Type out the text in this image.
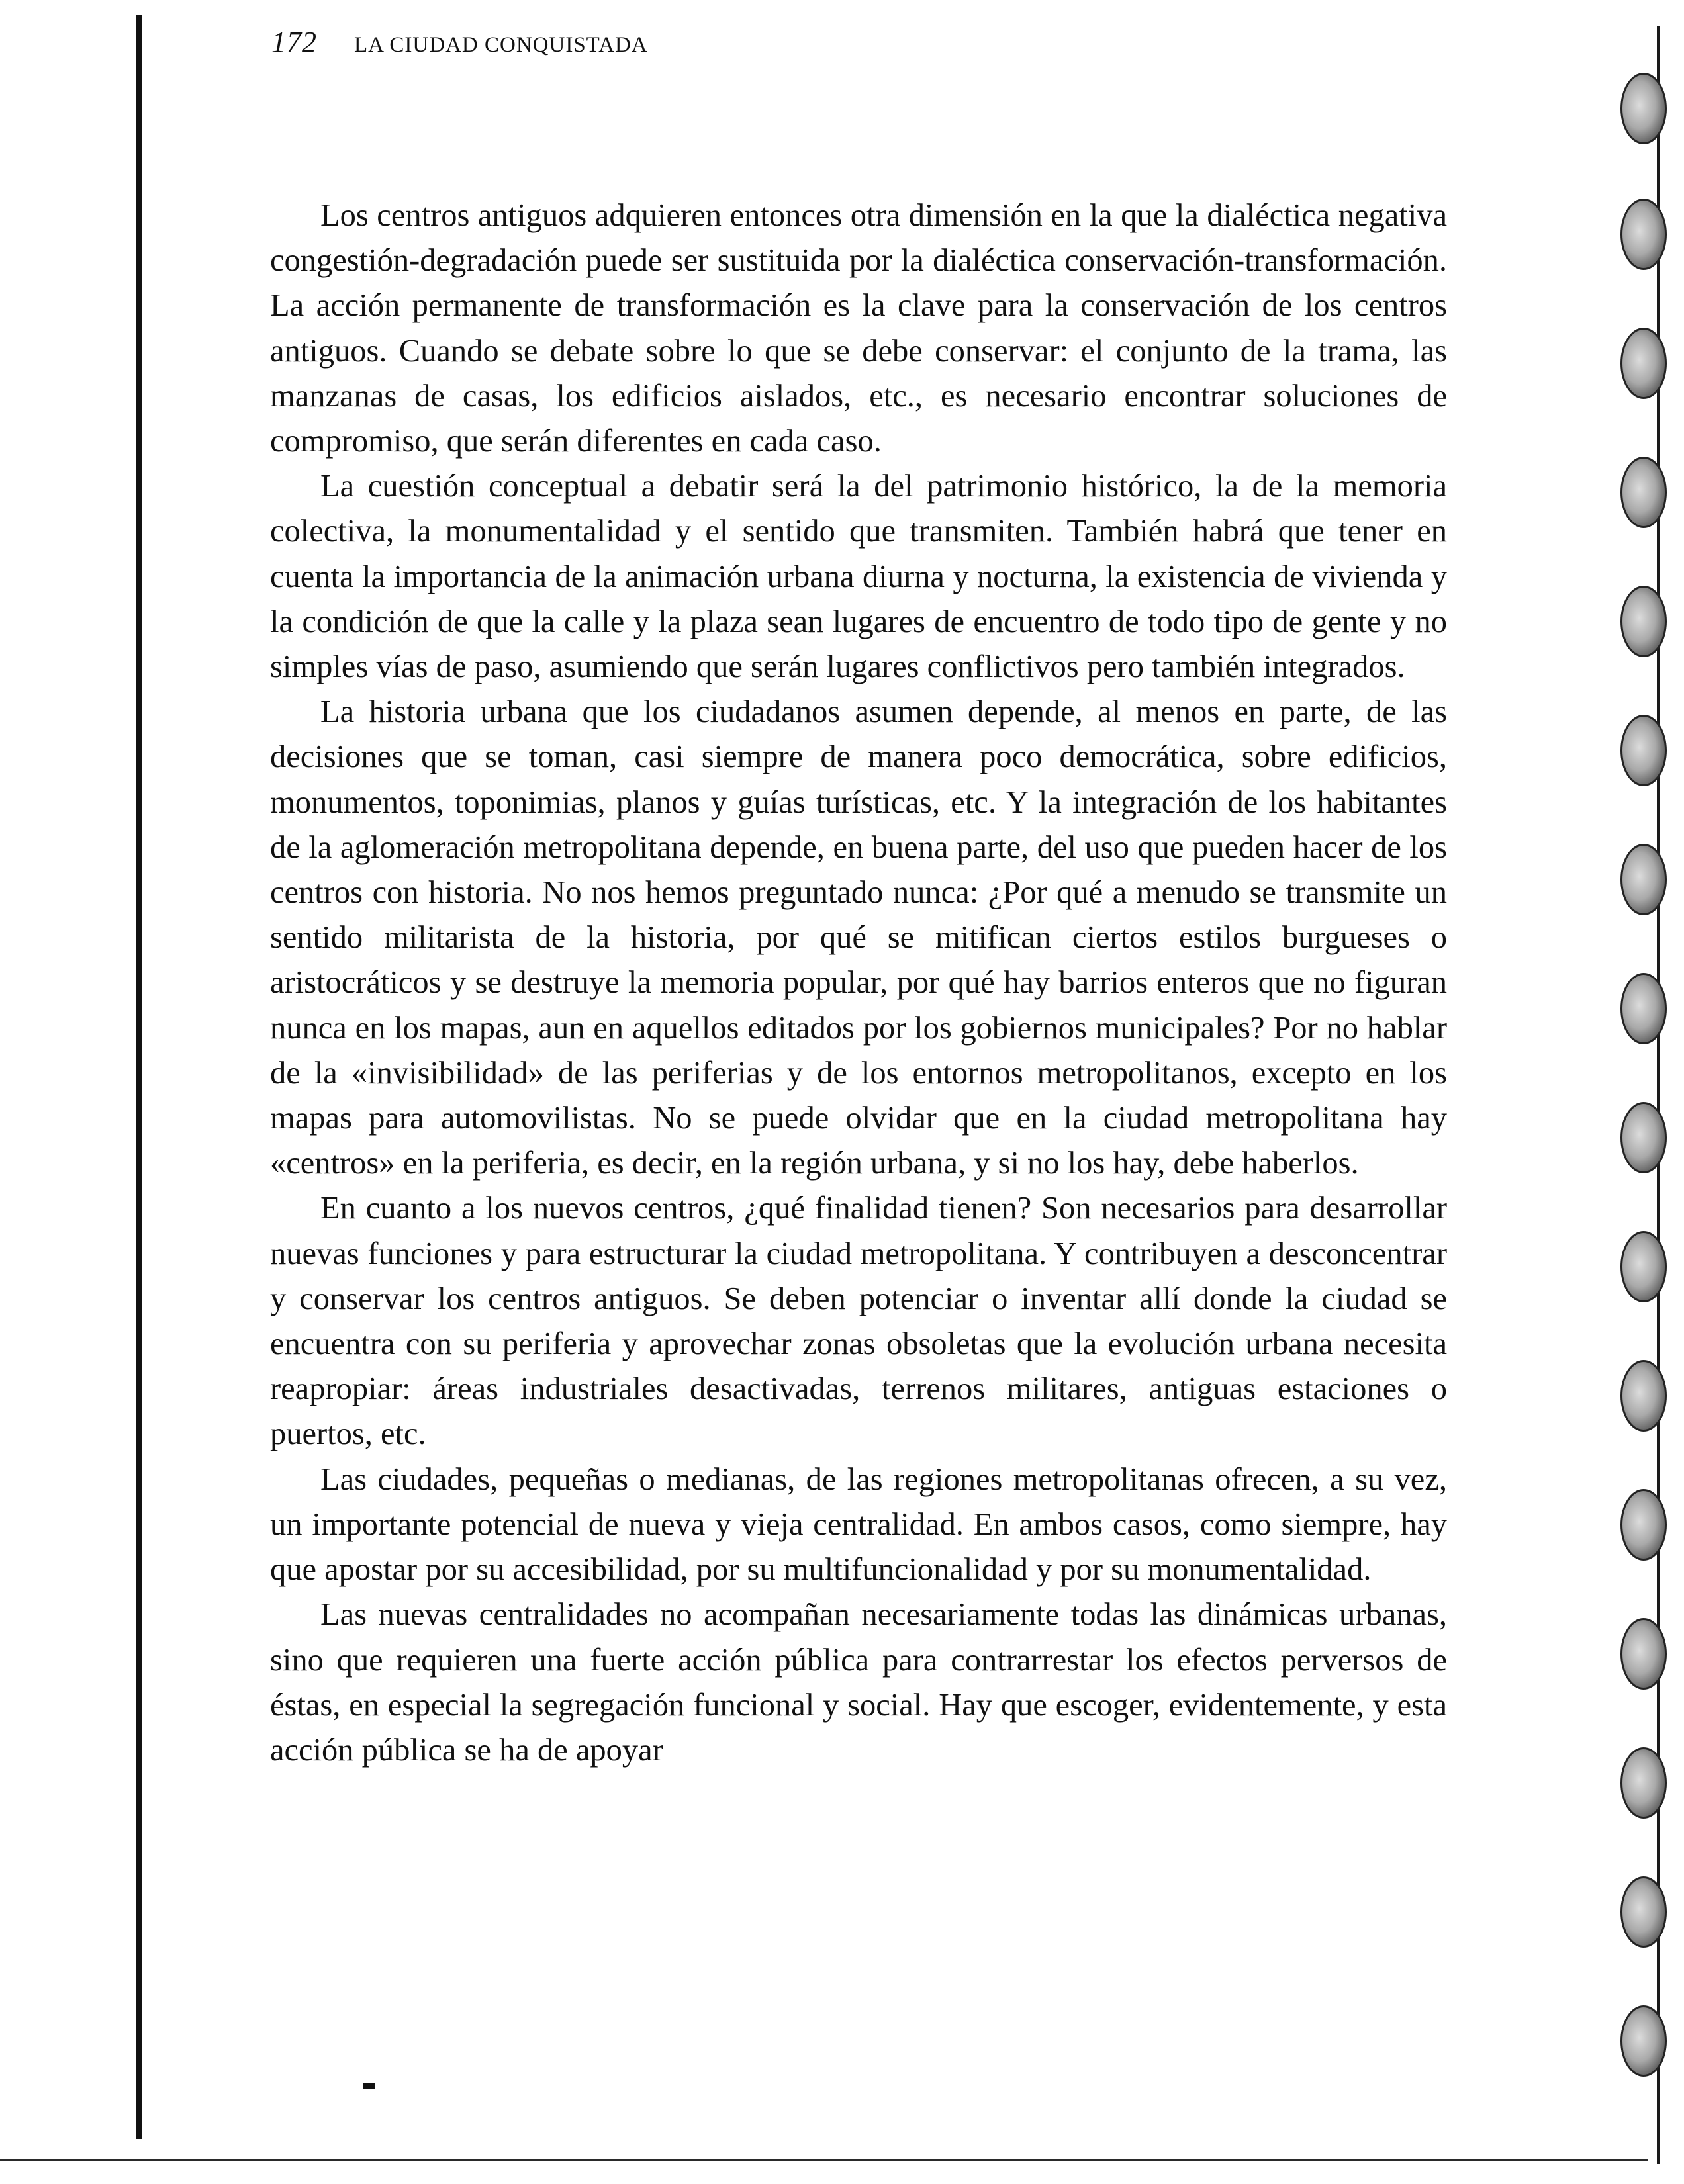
172 LA CIUDAD CONQUISTADA

Los centros antiguos adquieren entonces otra dimensión en la que la dialéctica negativa congestión-degradación puede ser sustituida por la dialéctica conservación-transformación. La acción permanente de transformación es la clave para la conservación de los centros antiguos. Cuando se debate sobre lo que se debe conservar: el conjunto de la trama, las manzanas de casas, los edificios aislados, etc., es necesario encontrar soluciones de compromiso, que serán diferentes en cada caso.

La cuestión conceptual a debatir será la del patrimonio histórico, la de la memoria colectiva, la monumentalidad y el sentido que transmiten. También habrá que tener en cuenta la importancia de la animación urbana diurna y nocturna, la existencia de vivienda y la condición de que la calle y la plaza sean lugares de encuentro de todo tipo de gente y no simples vías de paso, asumiendo que serán lugares conflictivos pero también integrados.

La historia urbana que los ciudadanos asumen depende, al menos en parte, de las decisiones que se toman, casi siempre de manera poco democrática, sobre edificios, monumentos, toponimias, planos y guías turísticas, etc. Y la integración de los habitantes de la aglomeración metropolitana depende, en buena parte, del uso que pueden hacer de los centros con historia. No nos hemos preguntado nunca: ¿Por qué a menudo se transmite un sentido militarista de la historia, por qué se mitifican ciertos estilos burgueses o aristocráticos y se destruye la memoria popular, por qué hay barrios enteros que no figuran nunca en los mapas, aun en aquellos editados por los gobiernos municipales? Por no hablar de la «invisibilidad» de las periferias y de los entornos metropolitanos, excepto en los mapas para automovilistas. No se puede olvidar que en la ciudad metropolitana hay «centros» en la periferia, es decir, en la región urbana, y si no los hay, debe haberlos.

En cuanto a los nuevos centros, ¿qué finalidad tienen? Son necesarios para desarrollar nuevas funciones y para estructurar la ciudad metropolitana. Y contribuyen a desconcentrar y conservar los centros antiguos. Se deben potenciar o inventar allí donde la ciudad se encuentra con su periferia y aprovechar zonas obsoletas que la evolución urbana necesita reapropiar: áreas industriales desactivadas, terrenos militares, antiguas estaciones o puertos, etc.

Las ciudades, pequeñas o medianas, de las regiones metropolitanas ofrecen, a su vez, un importante potencial de nueva y vieja centralidad. En ambos casos, como siempre, hay que apostar por su accesibilidad, por su multifuncionalidad y por su monumentalidad.

Las nuevas centralidades no acompañan necesariamente todas las dinámicas urbanas, sino que requieren una fuerte acción pública para contrarrestar los efectos perversos de éstas, en especial la segregación funcional y social. Hay que escoger, evidentemente, y esta acción pública se ha de apoyar
